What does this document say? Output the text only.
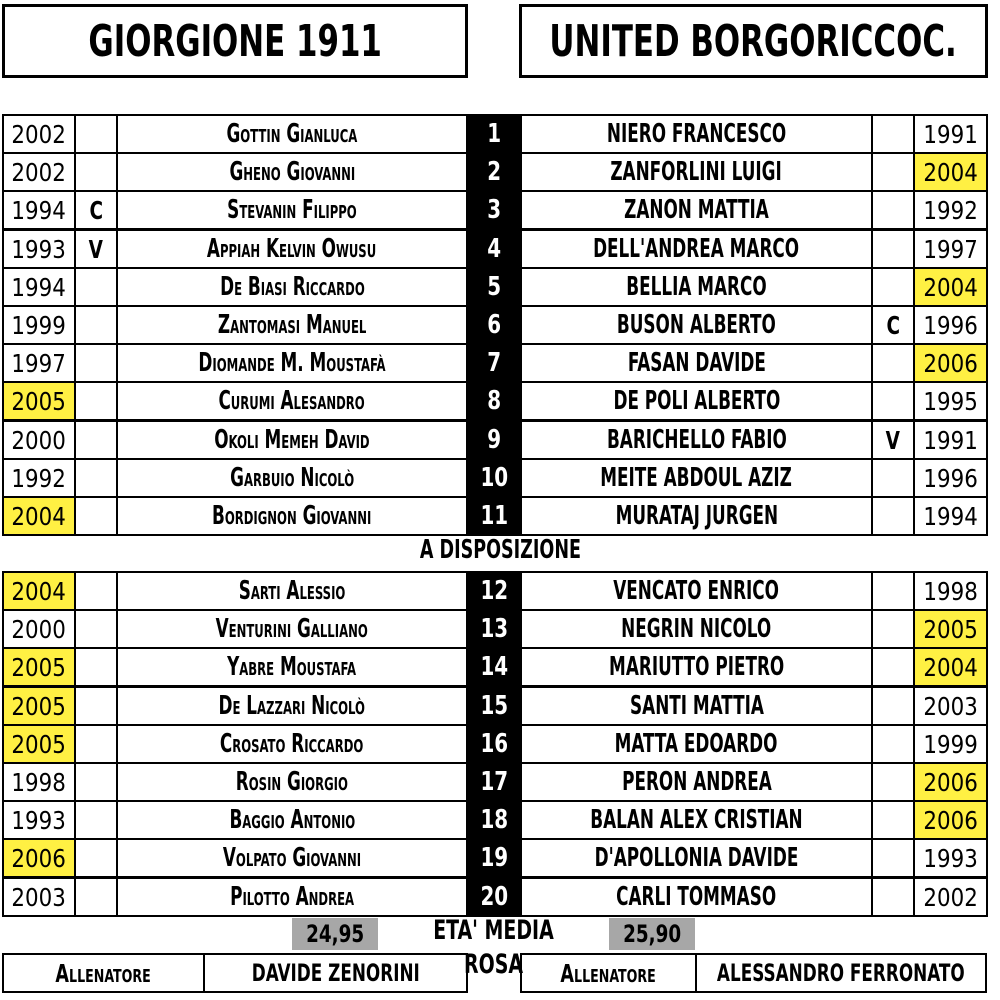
GIORGIONE 1911	UNITED BORGORICCOC.
2002	Gottin Gianluca	1	NIERO FRANCESCO	1991
2002	Gheno Giovanni	2	ZANFORLINI LUIGI	2004
1994 C	Stevanin Filippo	3	ZANON MATTIA	1992
1993 V	Appiah Kelvin Owusu	4	DELL'ANDREA MARCO	1997
1994	De Biasi Riccardo	5	BELLIA MARCO	2004
1999	Zantomasi Manuel	6	BUSON ALBERTO	C 1996
1997	Diomande M. Moustafà	7	FASAN DAVIDE	2006
2005	Curumi Alesandro	8	DE POLI ALBERTO	1995
2000	Okoli Memeh David	9	BARICHELLO FABIO	V 1991
1992	Garbuio Nicolò	10	MEITE ABDOUL AZIZ	1996
2004	Bordignon Giovanni	11	MURATAJ JURGEN	1994
2004	Sarti Alessio	12	VENCATO ENRICO	1998
2000	Venturini Galliano	13	NEGRIN NICOLO	2005
2005	Yabre Moustafa	14	MARIUTTO PIETRO	2004
2005	De Lazzari Nicolò	15	SANTI MATTIA	2003
2005	Crosato Riccardo	16	MATTA EDOARDO	1999
1998	Rosin Giorgio	17	PERON ANDREA	2006
1993	Baggio Antonio	18	BALAN ALEX CRISTIAN	2006
2006	Volpato Giovanni	19	D'APOLLONIA DAVIDE	1993
2003	Pilotto Andrea	20	CARLI TOMMASO	2002
A DISPOSIZIONE
24,95	ETA' MEDIA ROSA
25,90
Allenatore	DAVIDE ZENORINI	Allenatore	ALESSANDRO FERRONATO
